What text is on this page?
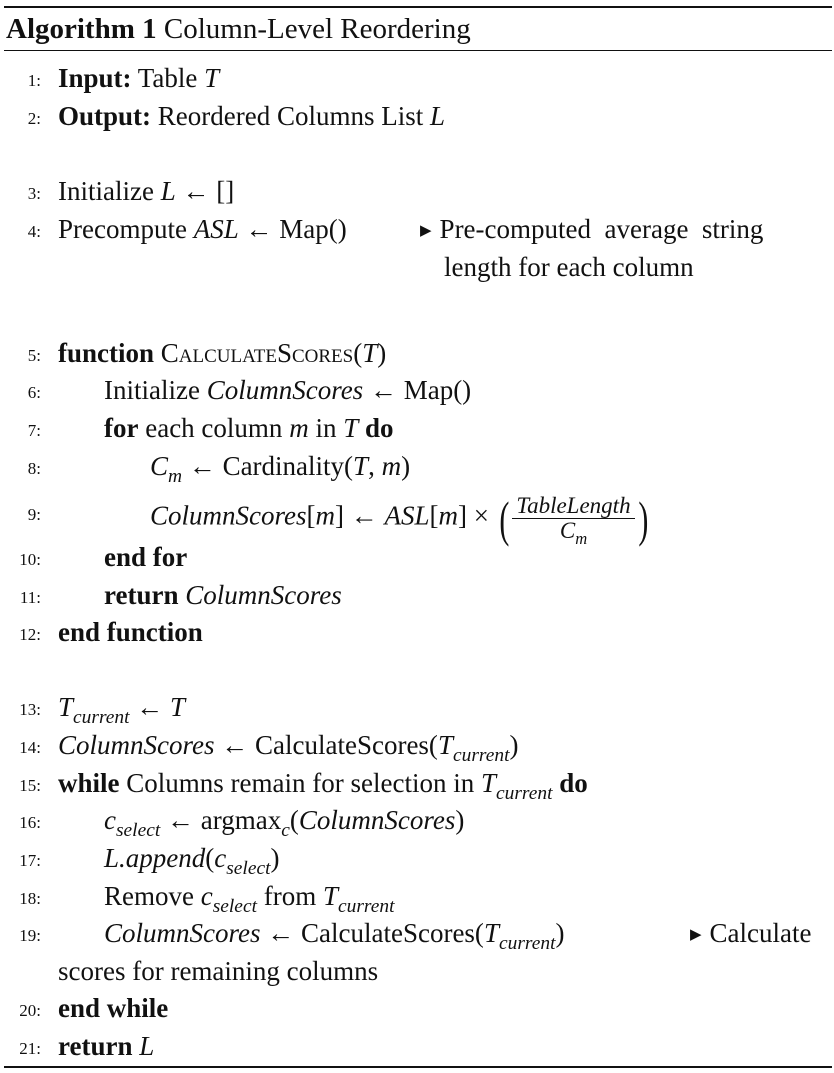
Algorithm 1 Column-Level Reordering
1: Input: Table T
2: Output: Reordered Columns List L
3: Initialize L ← []
4: Precompute ASL ← Map()	▶ Pre-computed  average  string
length for each column
5: function CalculateScores(T)
6: Initialize ColumnScores ← Map()
7: for each column m in T do
8:	$C_m$ ← Cardinality(T, m)
9:	ColumnScores[m] ← ASL[m] × ( $\frac{\text{TableLength}}{C_m}$ )
10: end for
11: return ColumnScores
12: end function
13: $T_{current}$ ← T
14: ColumnScores ← $CalculateScores(T_{current})$
15: while Columns remain for selection in $T_{current}$ do
16: $c_{select}$ ← argmax$_c$(ColumnScores)
17: $L.append(c_{select})$
18: Remove $c_{select}$ from $T_{current}$
19: ColumnScores ← $CalculateScores(T_{current})$	▶ Calculate
scores for remaining columns
20: end while
21: return L
